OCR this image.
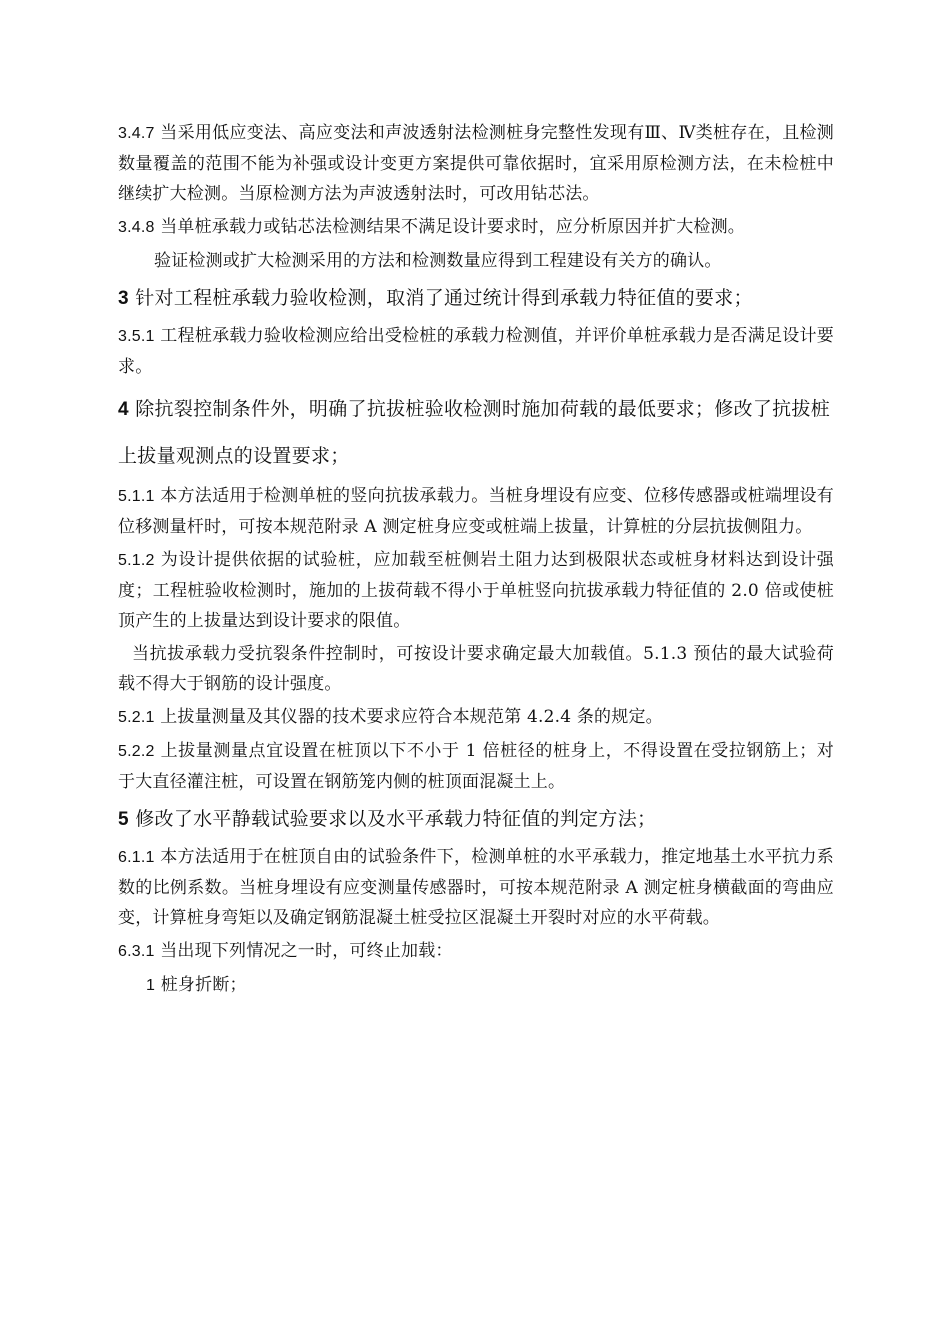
3.4.7 当采用低应变法、高应变法和声波透射法检测桩身完整性发现有Ⅲ、Ⅳ类桩存在，且检测数量覆盖的范围不能为补强或设计变更方案提供可靠依据时，宜采用原检测方法，在未检桩中继续扩大检测。当原检测方法为声波透射法时，可改用钻芯法。

3.4.8 当单桩承载力或钻芯法检测结果不满足设计要求时，应分析原因并扩大检测。

验证检测或扩大检测采用的方法和检测数量应得到工程建设有关方的确认。

3 针对工程桩承载力验收检测，取消了通过统计得到承载力特征值的要求；

3.5.1 工程桩承载力验收检测应给出受检桩的承载力检测值，并评价单桩承载力是否满足设计要求。

4 除抗裂控制条件外，明确了抗拔桩验收检测时施加荷载的最低要求；修改了抗拔桩上拔量观测点的设置要求；

5.1.1 本方法适用于检测单桩的竖向抗拔承载力。当桩身埋设有应变、位移传感器或桩端埋设有位移测量杆时，可按本规范附录 A 测定桩身应变或桩端上拔量，计算桩的分层抗拔侧阻力。

5.1.2 为设计提供依据的试验桩，应加载至桩侧岩土阻力达到极限状态或桩身材料达到设计强度；工程桩验收检测时，施加的上拔荷载不得小于单桩竖向抗拔承载力特征值的 2.0 倍或使桩顶产生的上拔量达到设计要求的限值。

当抗拔承载力受抗裂条件控制时，可按设计要求确定最大加载值。5.1.3 预估的最大试验荷载不得大于钢筋的设计强度。

5.2.1 上拔量测量及其仪器的技术要求应符合本规范第 4.2.4 条的规定。

5.2.2 上拔量测量点宜设置在桩顶以下不小于 1 倍桩径的桩身上，不得设置在受拉钢筋上；对于大直径灌注桩，可设置在钢筋笼内侧的桩顶面混凝土上。

5 修改了水平静载试验要求以及水平承载力特征值的判定方法；

6.1.1 本方法适用于在桩顶自由的试验条件下，检测单桩的水平承载力，推定地基土水平抗力系数的比例系数。当桩身埋设有应变测量传感器时，可按本规范附录 A 测定桩身横截面的弯曲应变，计算桩身弯矩以及确定钢筋混凝土桩受拉区混凝土开裂时对应的水平荷载。

6.3.1 当出现下列情况之一时，可终止加载：

1 桩身折断；
